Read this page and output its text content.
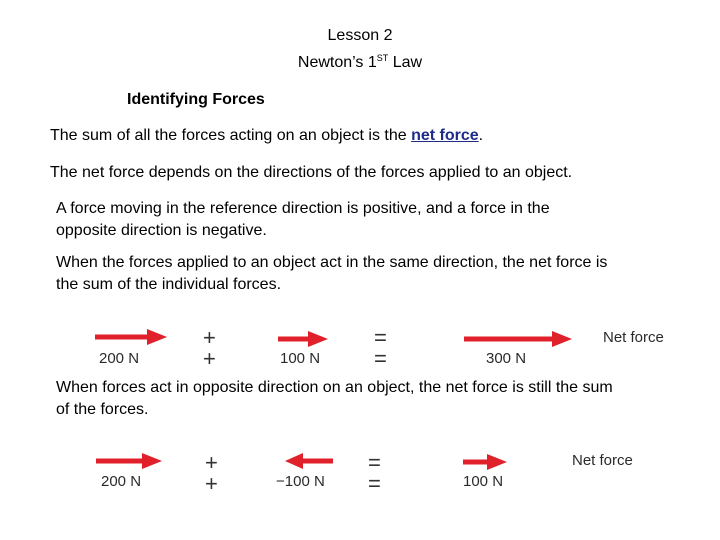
Lesson 2
Newton’s 1ST Law
Identifying Forces
The sum of all the forces acting on an object is the net force.
The net force depends on the directions of the forces applied to an object.
A force moving in the reference direction is positive, and a force in the
opposite direction is negative.
When the forces applied to an object act in the same direction, the net force is
the sum of the individual forces.
200 N
+
+	100 N
=
=	300 N
Net force
When forces act in opposite direction on an object, the net force is still the sum
of the forces.
200 N
+
+	−100 N
=
=	100 N
Net force
